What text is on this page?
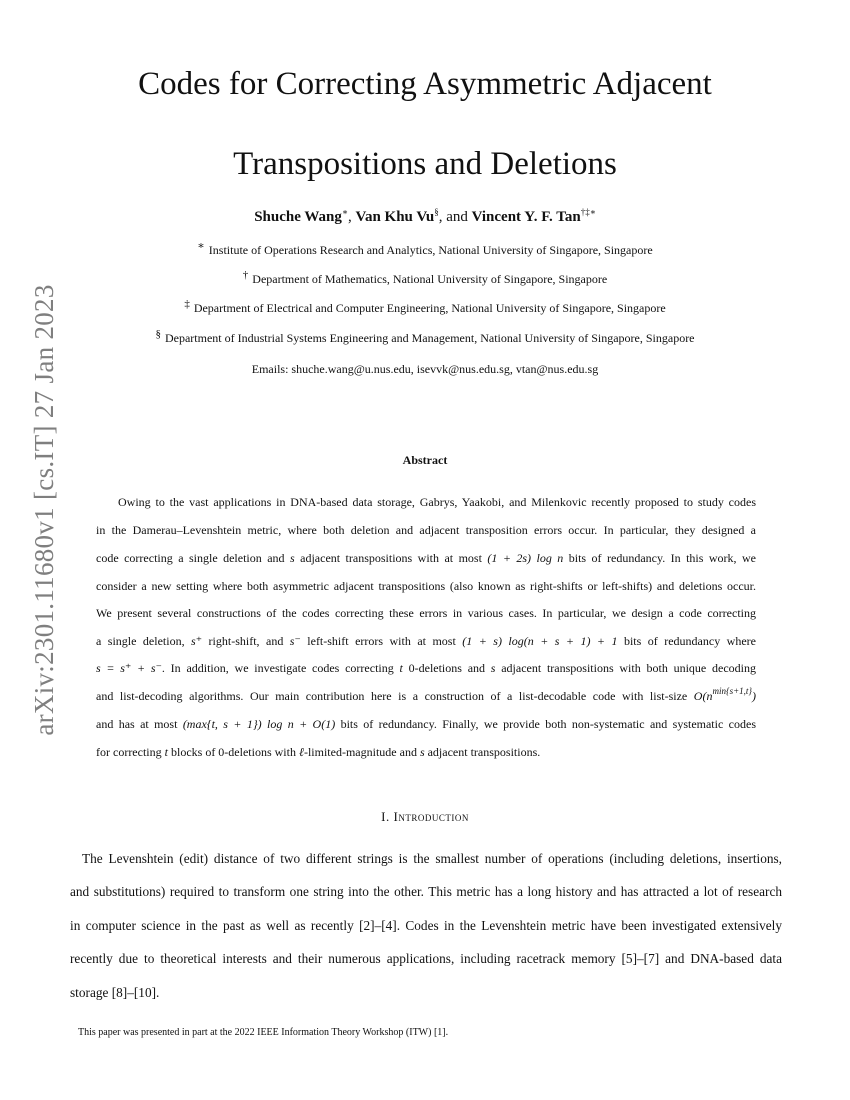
arXiv:2301.11680v1 [cs.IT] 27 Jan 2023
Codes for Correcting Asymmetric Adjacent
Transpositions and Deletions
Shuche Wang∗, Van Khu Vu§, and Vincent Y. F. Tan†‡∗
∗ Institute of Operations Research and Analytics, National University of Singapore, Singapore
† Department of Mathematics, National University of Singapore, Singapore
‡ Department of Electrical and Computer Engineering, National University of Singapore, Singapore
§ Department of Industrial Systems Engineering and Management, National University of Singapore, Singapore
Emails: shuche.wang@u.nus.edu, isevvk@nus.edu.sg, vtan@nus.edu.sg
Abstract
Owing to the vast applications in DNA-based data storage, Gabrys, Yaakobi, and Milenkovic recently proposed to study codes
in the Damerau–Levenshtein metric, where both deletion and adjacent transposition errors occur. In particular, they designed a
code correcting a single deletion and s adjacent transpositions with at most (1 + 2s) log n bits of redundancy. In this work, we
consider a new setting where both asymmetric adjacent transpositions (also known as right-shifts or left-shifts) and deletions occur.
We present several constructions of the codes correcting these errors in various cases. In particular, we design a code correcting
a single deletion, s⁺ right-shift, and s⁻ left-shift errors with at most (1 + s) log(n + s + 1) + 1 bits of redundancy where
s = s⁺ + s⁻. In addition, we investigate codes correcting t 0-deletions and s adjacent transpositions with both unique decoding
and list-decoding algorithms. Our main contribution here is a construction of a list-decodable code with list-size $O(n^{min\{s+1,t\}})$
and has at most (max{t, s + 1}) log n + O(1) bits of redundancy. Finally, we provide both non-systematic and systematic codes
for correcting t blocks of 0-deletions with ℓ-limited-magnitude and s adjacent transpositions.
I. Introduction
The Levenshtein (edit) distance of two different strings is the smallest number of operations (including deletions, insertions,
and substitutions) required to transform one string into the other. This metric has a long history and has attracted a lot of research
in computer science in the past as well as recently [2]–[4]. Codes in the Levenshtein metric have been investigated extensively
recently due to theoretical interests and their numerous applications, including racetrack memory [5]–[7] and DNA-based data
storage [8]–[10].
This paper was presented in part at the 2022 IEEE Information Theory Workshop (ITW) [1].
